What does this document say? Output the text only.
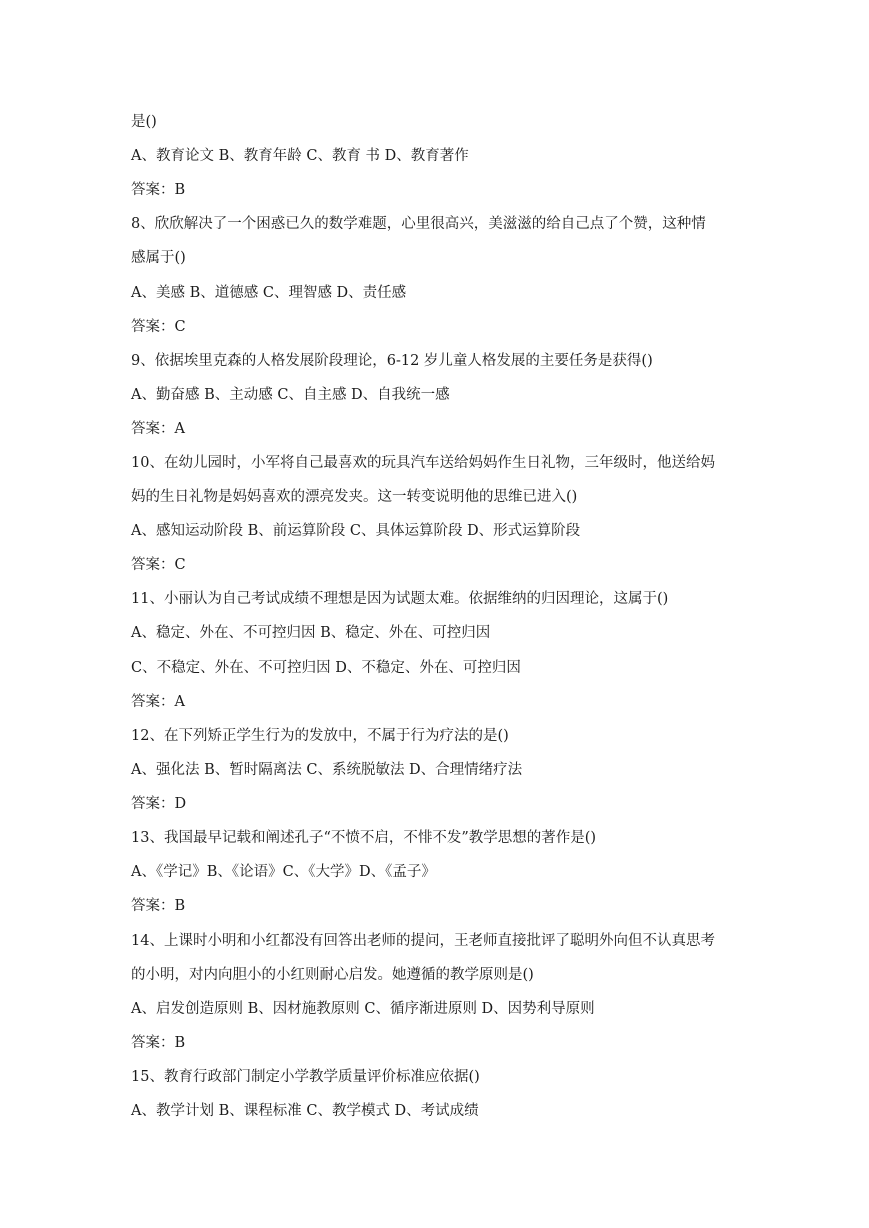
是()
A、教育论文 B、教育年龄 C、教育 书 D、教育著作
答案：B
8、欣欣解决了一个困惑已久的数学难题，心里很高兴，美滋滋的给自己点了个赞，这种情
感属于()
A、美感 B、道德感 C、理智感 D、责任感
答案：C
9、依据埃里克森的人格发展阶段理论，6-12 岁儿童人格发展的主要任务是获得()
A、勤奋感 B、主动感 C、自主感 D、自我统一感
答案：A
10、在幼儿园时，小军将自己最喜欢的玩具汽车送给妈妈作生日礼物，三年级时，他送给妈
妈的生日礼物是妈妈喜欢的漂亮发夹。这一转变说明他的思维已进入()
A、感知运动阶段 B、前运算阶段 C、具体运算阶段 D、形式运算阶段
答案：C
11、小丽认为自己考试成绩不理想是因为试题太难。依据维纳的归因理论，这属于()
A、稳定、外在、不可控归因 B、稳定、外在、可控归因
C、不稳定、外在、不可控归因 D、不稳定、外在、可控归因
答案：A
12、在下列矫正学生行为的发放中，不属于行为疗法的是()
A、强化法 B、暂时隔离法 C、系统脱敏法 D、合理情绪疗法
答案：D
13、我国最早记载和阐述孔子“不愤不启，不悱不发”教学思想的著作是()
A、《学记》B、《论语》C、《大学》D、《孟子》
答案：B
14、上课时小明和小红都没有回答出老师的提问，王老师直接批评了聪明外向但不认真思考
的小明，对内向胆小的小红则耐心启发。她遵循的教学原则是()
A、启发创造原则 B、因材施教原则 C、循序渐进原则 D、因势利导原则
答案：B
15、教育行政部门制定小学教学质量评价标准应依据()
A、教学计划 B、课程标准 C、教学模式 D、考试成绩
